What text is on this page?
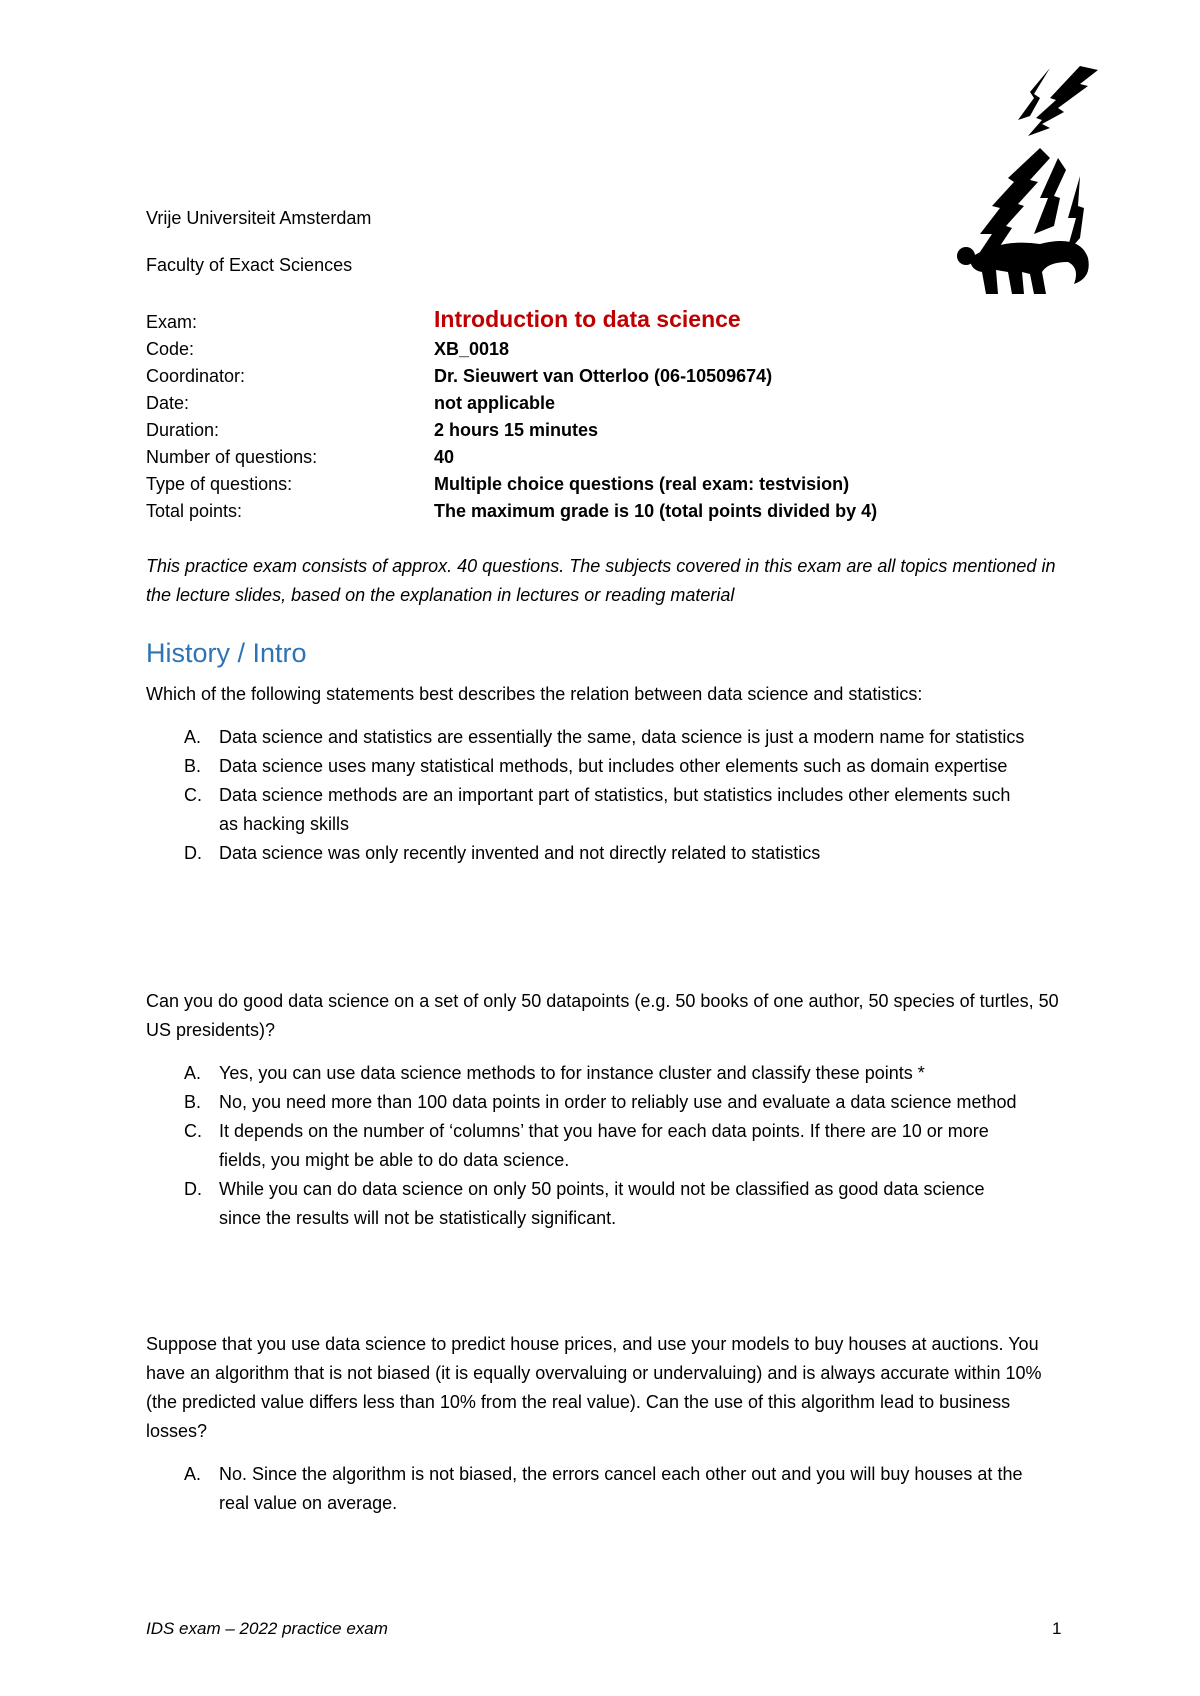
Vrije Universiteit Amsterdam
Faculty of Exact Sciences
Exam:	Introduction to data science
Code:	XB_0018
Coordinator:	Dr. Sieuwert van Otterloo (06-10509674)
Date:	not applicable
Duration:	2 hours 15 minutes
Number of questions:	40
Type of questions:	Multiple choice questions (real exam: testvision)
Total points:	The maximum grade is 10 (total points divided by 4)
This practice exam consists of approx. 40 questions. The subjects covered in this exam are all topics mentioned in the lecture slides, based on the explanation in lectures or reading material
History / Intro

Which of the following statements best describes the relation between data science and statistics:

A. Data science and statistics are essentially the same, data science is just a modern name for statistics
B. Data science uses many statistical methods, but includes other elements such as domain expertise
C. Data science methods are an important part of statistics, but statistics includes other elements such as hacking skills
D. Data science was only recently invented and not directly related to statistics

Can you do good data science on a set of only 50 datapoints (e.g. 50 books of one author, 50 species of turtles, 50 US presidents)?

A. Yes, you can use data science methods to for instance cluster and classify these points *
B. No, you need more than 100 data points in order to reliably use and evaluate a data science method
C. It depends on the number of ‘columns’ that you have for each data points. If there are 10 or more fields, you might be able to do data science.
D. While you can do data science on only 50 points, it would not be classified as good data science since the results will not be statistically significant.

Suppose that you use data science to predict house prices, and use your models to buy houses at auctions. You have an algorithm that is not biased (it is equally overvaluing or undervaluing) and is always accurate within 10% (the predicted value differs less than 10% from the real value). Can the use of this algorithm lead to business losses?

A. No. Since the algorithm is not biased, the errors cancel each other out and you will buy houses at the real value on average.
IDS exam – 2022 practice exam	1
